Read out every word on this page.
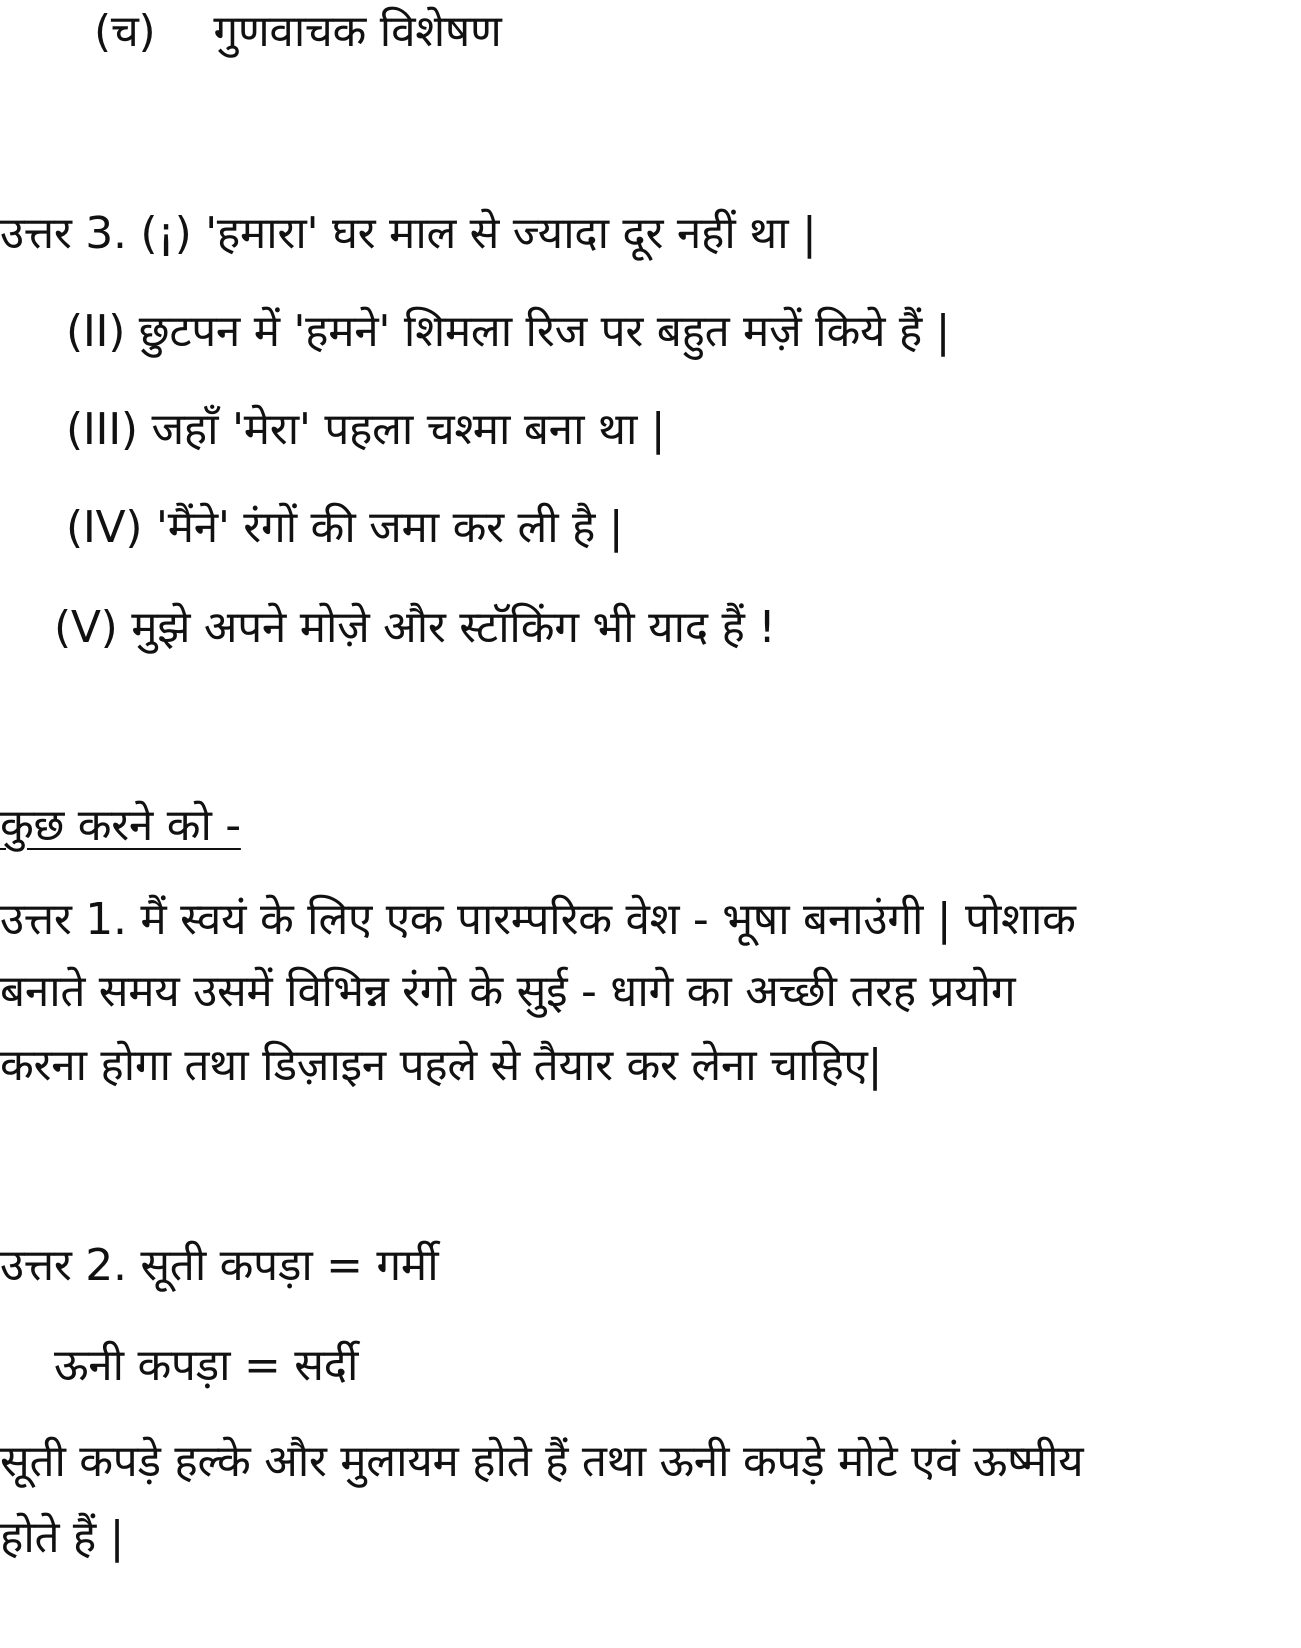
(च) गुणवाचक विशेषण
उत्तर 3. (¡) 'हमारा' घर माल से ज्यादा दूर नहीं था |
(II) छुटपन में 'हमने' शिमला रिज पर बहुत मज़ें किये हैं |
(III) जहाँ 'मेरा' पहला चश्मा बना था |
(IV) 'मैंने' रंगों की जमा कर ली है |
(V) मुझे अपने मोज़े और स्टॉकिंग भी याद हैं !
कुछ करने को -
उत्तर 1. मैं स्वयं के लिए एक पारम्परिक वेश - भूषा बनाउंगी | पोशाक
बनाते समय उसमें विभिन्न रंगो के सुई - धागे का अच्छी तरह प्रयोग
करना होगा तथा डिज़ाइन पहले से तैयार कर लेना चाहिए|
उत्तर 2. सूती कपड़ा = गर्मी
ऊनी कपड़ा = सर्दी
सूती कपड़े हल्के और मुलायम होते हैं तथा ऊनी कपड़े मोटे एवं ऊष्मीय
होते हैं |
